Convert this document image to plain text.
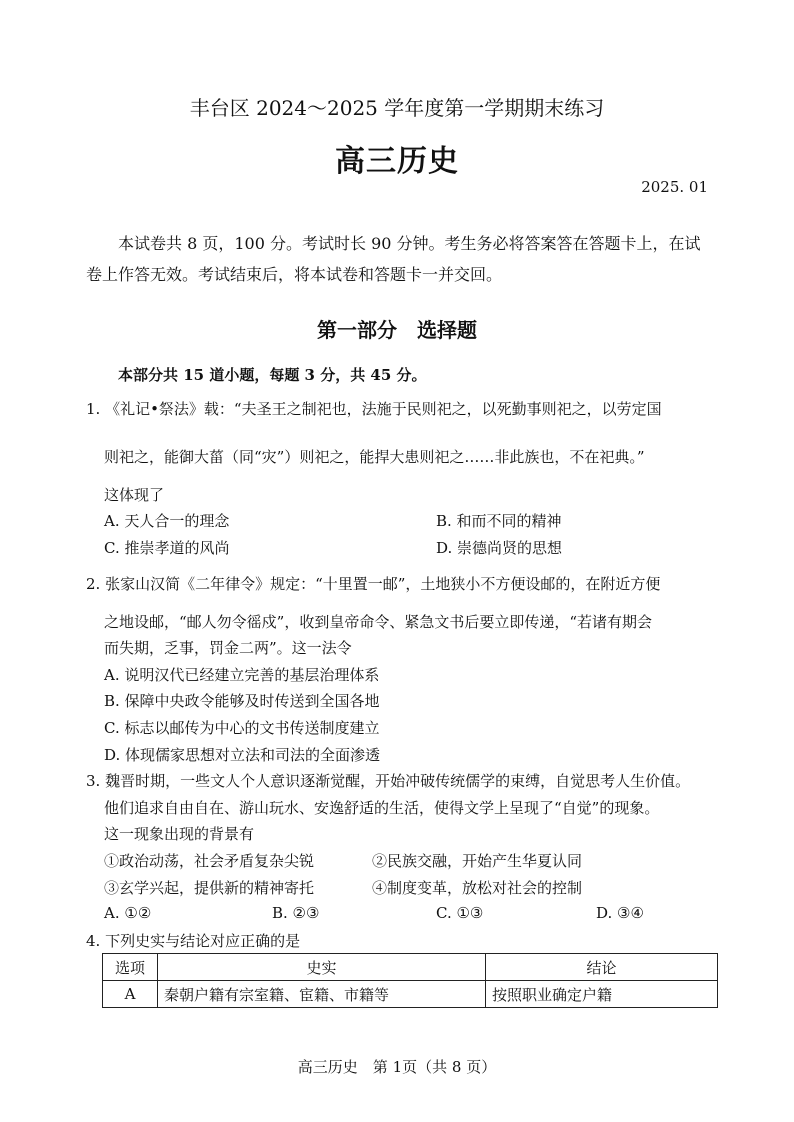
丰台区 2024～2025 学年度第一学期期末练习
高三历史
2025. 01
本试卷共 8 页，100 分。考试时长 90 分钟。考生务必将答案答在答题卡上，在试
卷上作答无效。考试结束后，将本试卷和答题卡一并交回。
第一部分　选择题
本部分共 15 道小题，每题 3 分，共 45 分。
1. 《礼记•祭法》载：“夫圣王之制祀也，法施于民则祀之，以死勤事则祀之，以劳定国
则祀之，能御大菑（同“灾”）则祀之，能捍大患则祀之……非此族也，不在祀典。”
这体现了
A. 天人合一的理念	B. 和而不同的精神
C. 推崇孝道的风尚	D. 崇德尚贤的思想
2. 张家山汉简《二年律令》规定：“十里置一邮”，土地狭小不方便设邮的，在附近方便
之地设邮，“邮人勿令徭戍”，收到皇帝命令、紧急文书后要立即传递，“若诸有期会
而失期，乏事，罚金二两”。这一法令
A. 说明汉代已经建立完善的基层治理体系
B. 保障中央政令能够及时传送到全国各地
C. 标志以邮传为中心的文书传送制度建立
D. 体现儒家思想对立法和司法的全面渗透
3. 魏晋时期，一些文人个人意识逐渐觉醒，开始冲破传统儒学的束缚，自觉思考人生价值。
他们追求自由自在、游山玩水、安逸舒适的生活，使得文学上呈现了“自觉”的现象。
这一现象出现的背景有
①政治动荡，社会矛盾复杂尖锐	②民族交融，开始产生华夏认同
③玄学兴起，提供新的精神寄托	④制度变革，放松对社会的控制
A. ①②	B. ②③	C. ①③	D. ③④
4. 下列史实与结论对应正确的是
选项	史实	结论
A	秦朝户籍有宗室籍、宦籍、市籍等	按照职业确定户籍
高三历史　第 1页（共 8 页）
